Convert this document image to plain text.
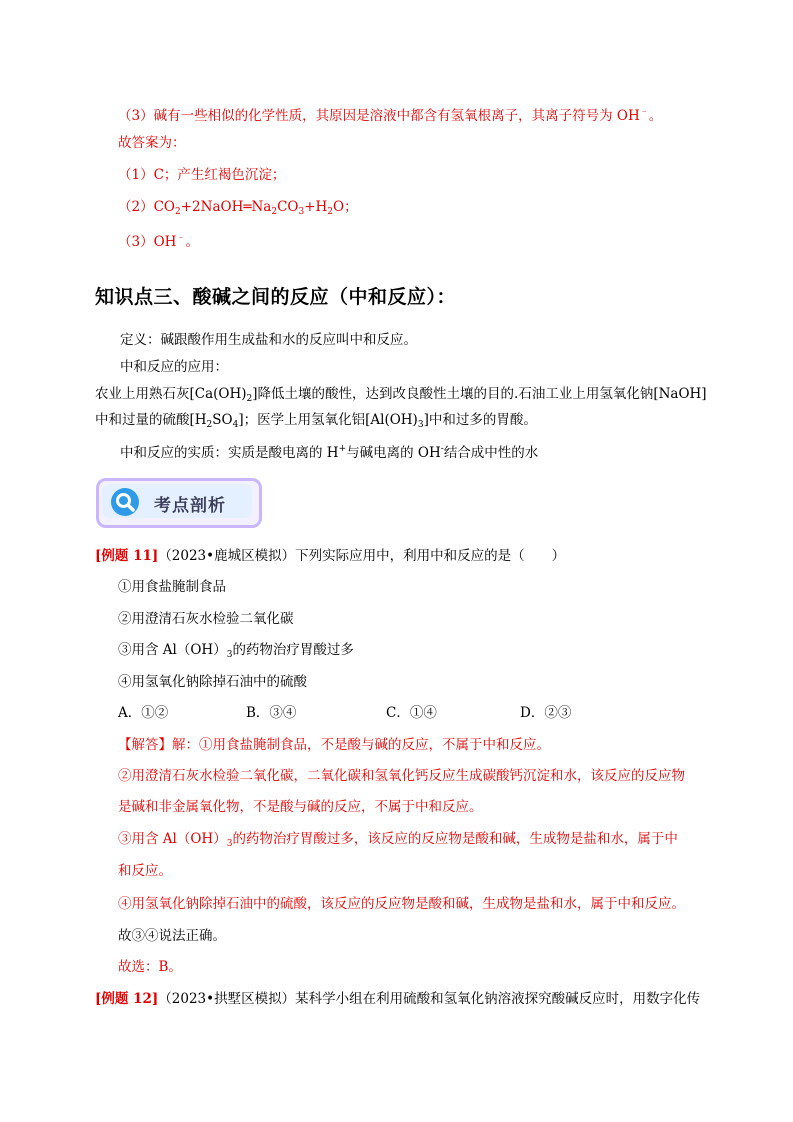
（3）碱有一些相似的化学性质，其原因是溶液中都含有氢氧根离子，其离子符号为 OH﹣。
故答案为：
（1）C；产生红褐色沉淀；
$(2)CO_2+2NaOH═Na_2CO_3+H_2O$；
（3）OH﹣。
知识点三、酸碱之间的反应（中和反应）：
定义：碱跟酸作用生成盐和水的反应叫中和反应。
中和反应的应用：
农业上用熟石灰$[Ca(OH)_2]$降低土壤的酸性，达到改良酸性土壤的目的.石油工业上用氢氧化钠[NaOH]
中和过量的硫酸$[H_2SO_4]$；医学上用氢氧化铝$[Al(OH)_3]$中和过多的胃酸。
中和反应的实质：实质是酸电离的 H+与碱电离的 OH-结合成中性的水
考点剖析
[例题 11]（2023•鹿城区模拟）下列实际应用中，利用中和反应的是（　　）
①用食盐腌制食品
②用澄清石灰水检验二氧化碳
③用含 $Al(OH)_3$的药物治疗胃酸过多
④用氢氧化钠除掉石油中的硫酸
A．①②	B．③④	C．①④	D．②③
【解答】解：①用食盐腌制食品，不是酸与碱的反应，不属于中和反应。
②用澄清石灰水检验二氧化碳，二氧化碳和氢氧化钙反应生成碳酸钙沉淀和水，该反应的反应物
是碱和非金属氧化物，不是酸与碱的反应，不属于中和反应。
③用含 $Al(OH)_3$的药物治疗胃酸过多，该反应的反应物是酸和碱，生成物是盐和水，属于中
和反应。
④用氢氧化钠除掉石油中的硫酸，该反应的反应物是酸和碱，生成物是盐和水，属于中和反应。
故③④说法正确。
故选：B。
[例题 12]（2023•拱墅区模拟）某科学小组在利用硫酸和氢氧化钠溶液探究酸碱反应时，用数字化传
